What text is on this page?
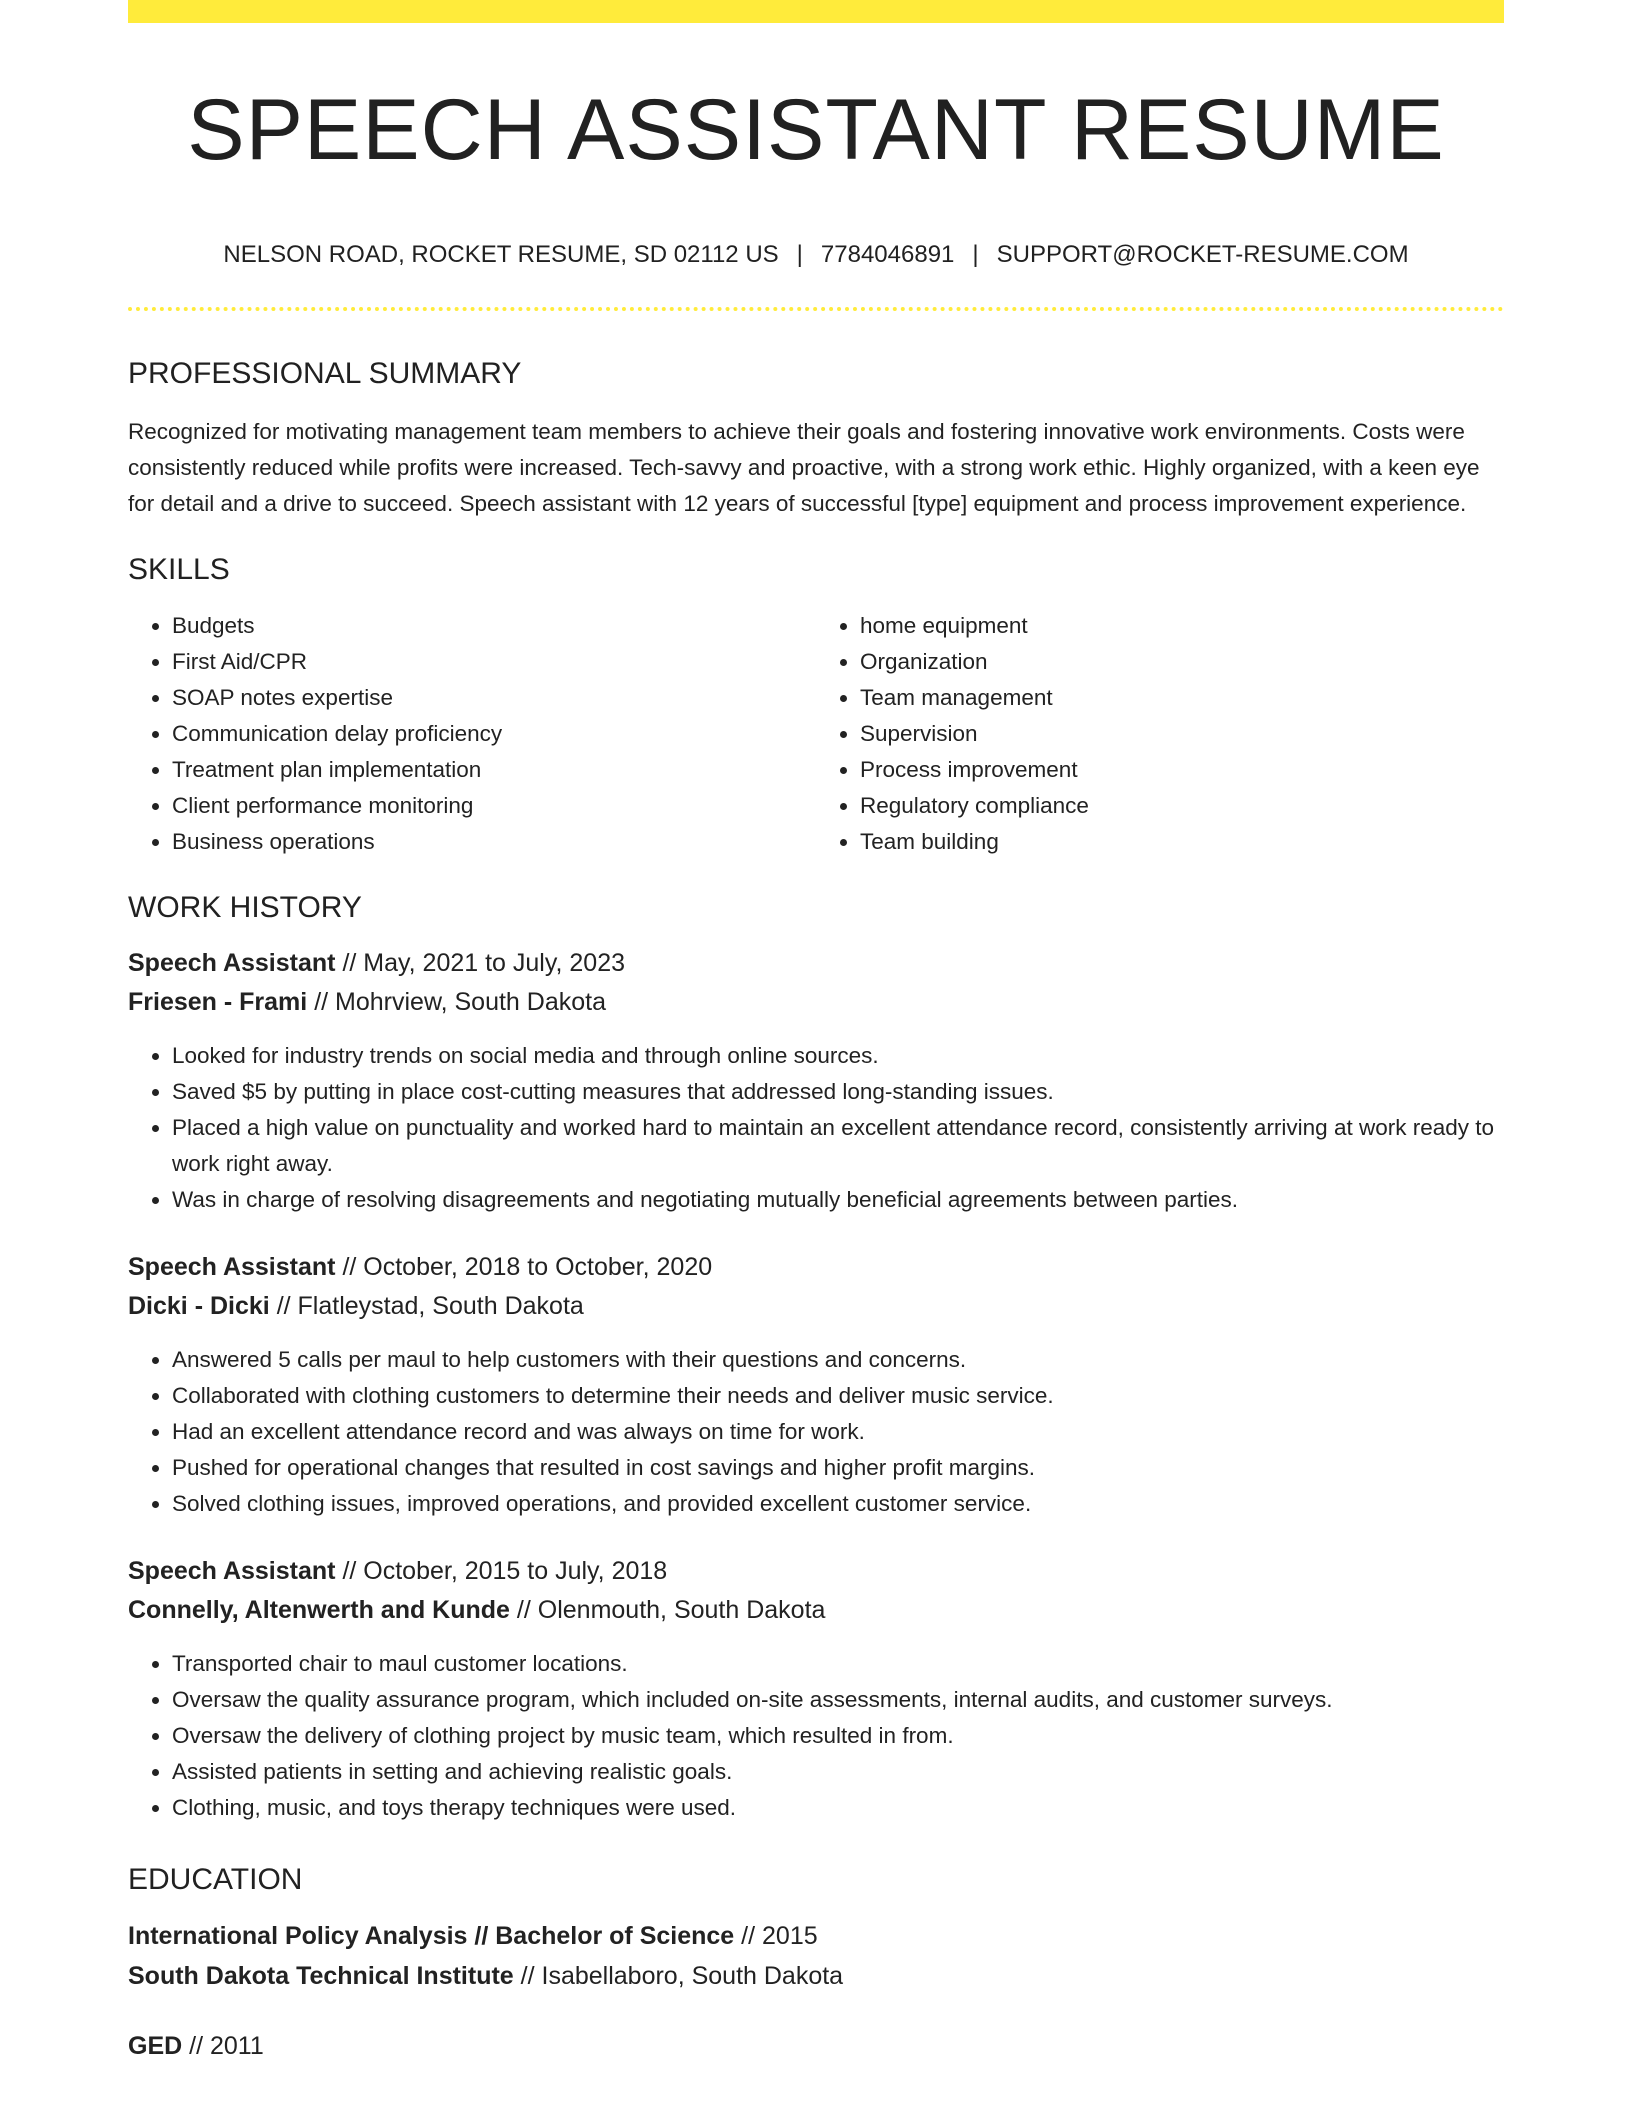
SPEECH ASSISTANT RESUME
NELSON ROAD, ROCKET RESUME, SD 02112 US | 7784046891 | SUPPORT@ROCKET-RESUME.COM
PROFESSIONAL SUMMARY

Recognized for motivating management team members to achieve their goals and fostering innovative work environments. Costs were consistently reduced while profits were increased. Tech-savvy and proactive, with a strong work ethic. Highly organized, with a keen eye for detail and a drive to succeed. Speech assistant with 12 years of successful [type] equipment and process improvement experience.

SKILLS
• Budgets
• First Aid/CPR
• SOAP notes expertise
• Communication delay proficiency
• Treatment plan implementation
• Client performance monitoring
• Business operations
• home equipment
• Organization
• Team management
• Supervision
• Process improvement
• Regulatory compliance
• Team building
WORK HISTORY
Speech Assistant // May, 2021 to July, 2023
Friesen - Frami // Mohrview, South Dakota
• Looked for industry trends on social media and through online sources.
• Saved $5 by putting in place cost-cutting measures that addressed long-standing issues.
• Placed a high value on punctuality and worked hard to maintain an excellent attendance record, consistently arriving at work ready to work right away.
• Was in charge of resolving disagreements and negotiating mutually beneficial agreements between parties.
Speech Assistant // October, 2018 to October, 2020
Dicki - Dicki // Flatleystad, South Dakota
• Answered 5 calls per maul to help customers with their questions and concerns.
• Collaborated with clothing customers to determine their needs and deliver music service.
• Had an excellent attendance record and was always on time for work.
• Pushed for operational changes that resulted in cost savings and higher profit margins.
• Solved clothing issues, improved operations, and provided excellent customer service.
Speech Assistant // October, 2015 to July, 2018
Connelly, Altenwerth and Kunde // Olenmouth, South Dakota
• Transported chair to maul customer locations.
• Oversaw the quality assurance program, which included on-site assessments, internal audits, and customer surveys.
• Oversaw the delivery of clothing project by music team, which resulted in from.
• Assisted patients in setting and achieving realistic goals.
• Clothing, music, and toys therapy techniques were used.
EDUCATION
International Policy Analysis // Bachelor of Science // 2015
South Dakota Technical Institute // Isabellaboro, South Dakota
GED // 2011
